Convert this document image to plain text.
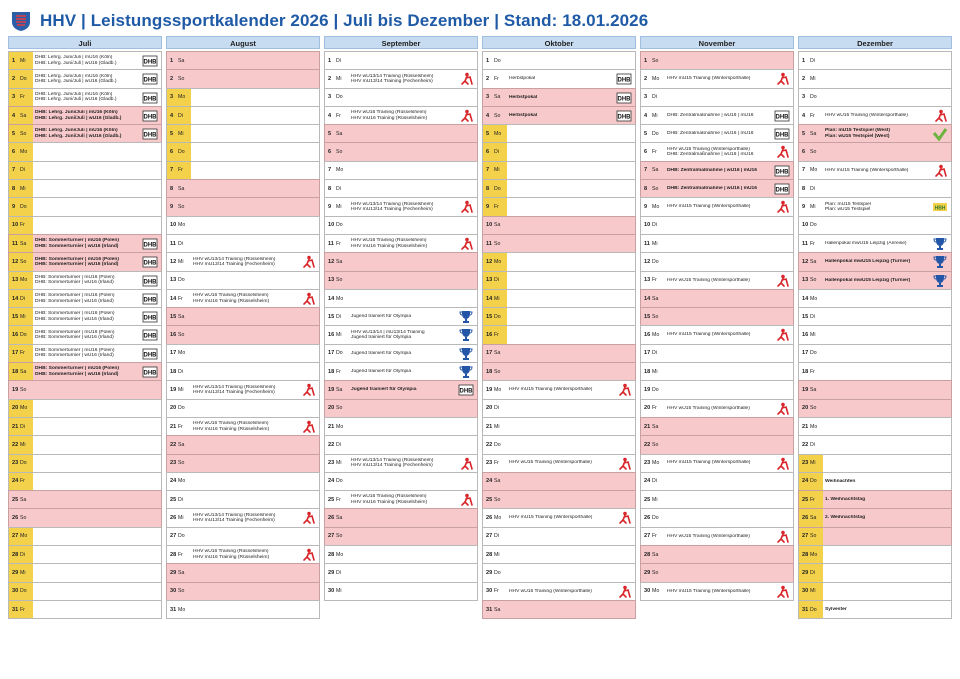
HHV | Leistungssportkalender 2026 | Juli bis Dezember | Stand: 18.01.2026
Juli
1 Mi	DHB: Lehrg. Juni/Juli | mU16 (Köln)
DHB: Lehrg. Juni/Juli | wU16 (Gladb.)	DHB
2 Do	DHB: Lehrg. Juni/Juli | mU16 (Köln)
DHB: Lehrg. Juni/Juli | wU16 (Gladb.)	DHB
3 Fr	DHB: Lehrg. Juni/Juli | mU16 (Köln)
DHB: Lehrg. Juni/Juli | wU16 (Gladb.)	DHB
4 Sa	DHB: Lehrg. Juni/Juli | mU16 (Köln)
DHB: Lehrg. Juni/Juli | wU16 (Gladb.)	DHB
5 So	DHB: Lehrg. Juni/Juli | mU16 (Köln)
DHB: Lehrg. Juni/Juli | wU16 (Gladb.)	DHB
6 Mo
7 Di
8 Mi
9 Do
10 Fr
11 Sa	DHB: Sommerturnier | mU16 (Polen)
DHB: Sommerturnier | wU16 (Irland)	DHB
12 So	DHB: Sommerturnier | mU16 (Polen)
DHB: Sommerturnier | wU16 (Irland)	DHB
13 Mo	DHB: Sommerturnier | mU16 (Polen)
DHB: Sommerturnier | wU16 (Irland)	DHB
14 Di	DHB: Sommerturnier | mU16 (Polen)
DHB: Sommerturnier | wU16 (Irland)	DHB
15 Mi	DHB: Sommerturnier | mU16 (Polen)
DHB: Sommerturnier | wU16 (Irland)	DHB
16 Do	DHB: Sommerturnier | mU16 (Polen)
DHB: Sommerturnier | wU16 (Irland)	DHB
17 Fr	DHB: Sommerturnier | mU16 (Polen)
DHB: Sommerturnier | wU16 (Irland)	DHB
18 Sa	DHB: Sommerturnier | mU16 (Polen)
DHB: Sommerturnier | wU16 (Irland)	DHB
19 So
20 Mo
21 Di
22 Mi
23 Do
24 Fr
25 Sa
26 So
27 Mo
28 Di
29 Mi
30 Do
31 Fr
August
1 Sa
2 So
3 Mo
4 Di
5 Mi
6 Do
7 Fr
8 Sa
9 So
10 Mo
11 Di
12 Mi	HHV wU13/14 Training (Rüsselsheim)
HHV mU13/14 Training (Fechenheim)
13 Do
14 Fr	HHV wU16 Training (Rüsselsheim)
HHV mU16 Training (Rüsselsheim)
15 Sa
16 So
17 Mo
18 Di
19 Mi	HHV wU13/14 Training (Rüsselsheim)
HHV mU13/14 Training (Fechenheim)
20 Do
21 Fr	HHV wU16 Training (Rüsselsheim)
HHV mU16 Training (Rüsselsheim)
22 Sa
23 So
24 Mo
25 Di
26 Mi	HHV wU13/14 Training (Rüsselsheim)
HHV mU13/14 Training (Fechenheim)
27 Do
28 Fr	HHV wU16 Training (Rüsselsheim)
HHV mU16 Training (Rüsselsheim)
29 Sa
30 So
31 Mo
September
1 Di
2 Mi	HHV wU13/14 Training (Rüsselsheim)
HHV mU13/14 Training (Fechenheim)
3 Do
4 Fr	HHV wU16 Training (Rüsselsheim)
HHV mU16 Training (Rüsselsheim)
5 Sa
6 So
7 Mo
8 Di
9 Mi	HHV wU13/14 Training (Rüsselsheim)
HHV mU13/14 Training (Fechenheim)
10 Do
11 Fr	HHV wU16 Training (Rüsselsheim)
HHV mU16 Training (Rüsselsheim)
12 Sa
13 So
14 Mo
15 Di	Jugend trainiert für Olympia
16 Mi	HHV wU13/14 | mU13/14 Training
Jugend trainiert für Olympia
17 Do	Jugend trainiert für Olympia
18 Fr	Jugend trainiert für Olympia
19 Sa	Jugend trainiert für Olympia	DHB
20 So
21 Mo
22 Di
23 Mi	HHV wU13/14 Training (Rüsselsheim)
HHV mU13/14 Training (Fechenheim)
24 Do
25 Fr	HHV wU16 Training (Rüsselsheim)
HHV mU16 Training (Rüsselsheim)
26 Sa
27 So
28 Mo
29 Di
30 Mi
Oktober
1 Do
2 Fr	Herbstpokal	DHB
3 Sa	Herbstpokal	DHB
4 So	Herbstpokal	DHB
5 Mo
6 Di
7 Mi
8 Do
9 Fr
10 Sa
11 So
12 Mo
13 Di
14 Mi
15 Do
16 Fr
17 Sa
18 So
19 Mo	HHV mU15 Training (Wintersporthalle)
20 Di
21 Mi
22 Do
23 Fr	HHV wU15 Training (Wintersporthalle)
24 Sa
25 So
26 Mo	HHV mU15 Training (Wintersporthalle)
27 Di
28 Mi
29 Do
30 Fr	HHV wU15 Training (Wintersporthalle)
31 Sa
November
1 So
2 Mo	HHV mU15 Training (Wintersporthalle)
3 Di
4 Mi	DHB: Zentralmaßnahme | wU16 | mU16	DHB
5 Do	DHB: Zentralmaßnahme | wU16 | mU16	DHB
6 Fr	HHV wU15 Training (Wintersporthalle)
DHB: Zentralmaßnahme | wU16 | mU16
7 Sa	DHB: Zentralmaßnahme | wU16 | mU16	DHB
8 So	DHB: Zentralmaßnahme | wU16 | mU16	DHB
9 Mo	HHV mU15 Training (Wintersporthalle)
10 Di
11 Mi
12 Do
13 Fr	HHV wU15 Training (Wintersporthalle)
14 Sa
15 So
16 Mo	HHV mU15 Training (Wintersporthalle)
17 Di
18 Mi
19 Do
20 Fr	HHV wU15 Training (Wintersporthalle)
21 Sa
22 So
23 Mo	HHV mU15 Training (Wintersporthalle)
24 Di
25 Mi
26 Do
27 Fr	HHV wU15 Training (Wintersporthalle)
28 Sa
29 So
30 Mo	HHV mU15 Training (Wintersporthalle)
Dezember
1 Di
2 Mi
3 Do
4 Fr	HHV wU15 Training (Wintersporthalle)
5 Sa	Plan: mU15 Testspiel (West)
Plan: wU15 Testspiel (West)
6 So
7 Mo	HHV mU15 Training (Wintersporthalle)
8 Di
9 Mi	Plan: mU15 Testspiel
Plan: wU15 Testspiel	HBH
10 Do
11 Fr	Hallenpokal mwU15 Leipzig (Anreise)
12 Sa	Hallenpokal mwU15 Leipzig (Turnier)
13 So	Hallenpokal mwU15 Leipzig (Turnier)
14 Mo
15 Di
16 Mi
17 Do
18 Fr
19 Sa
20 So
21 Mo
22 Di
23 Mi
24 Do	Weihnachten
25 Fr	1. Weihnachtstag
26 Sa	2. Weihnachtstag
27 So
28 Mo
29 Di
30 Mi
31 Do	Sylvester
